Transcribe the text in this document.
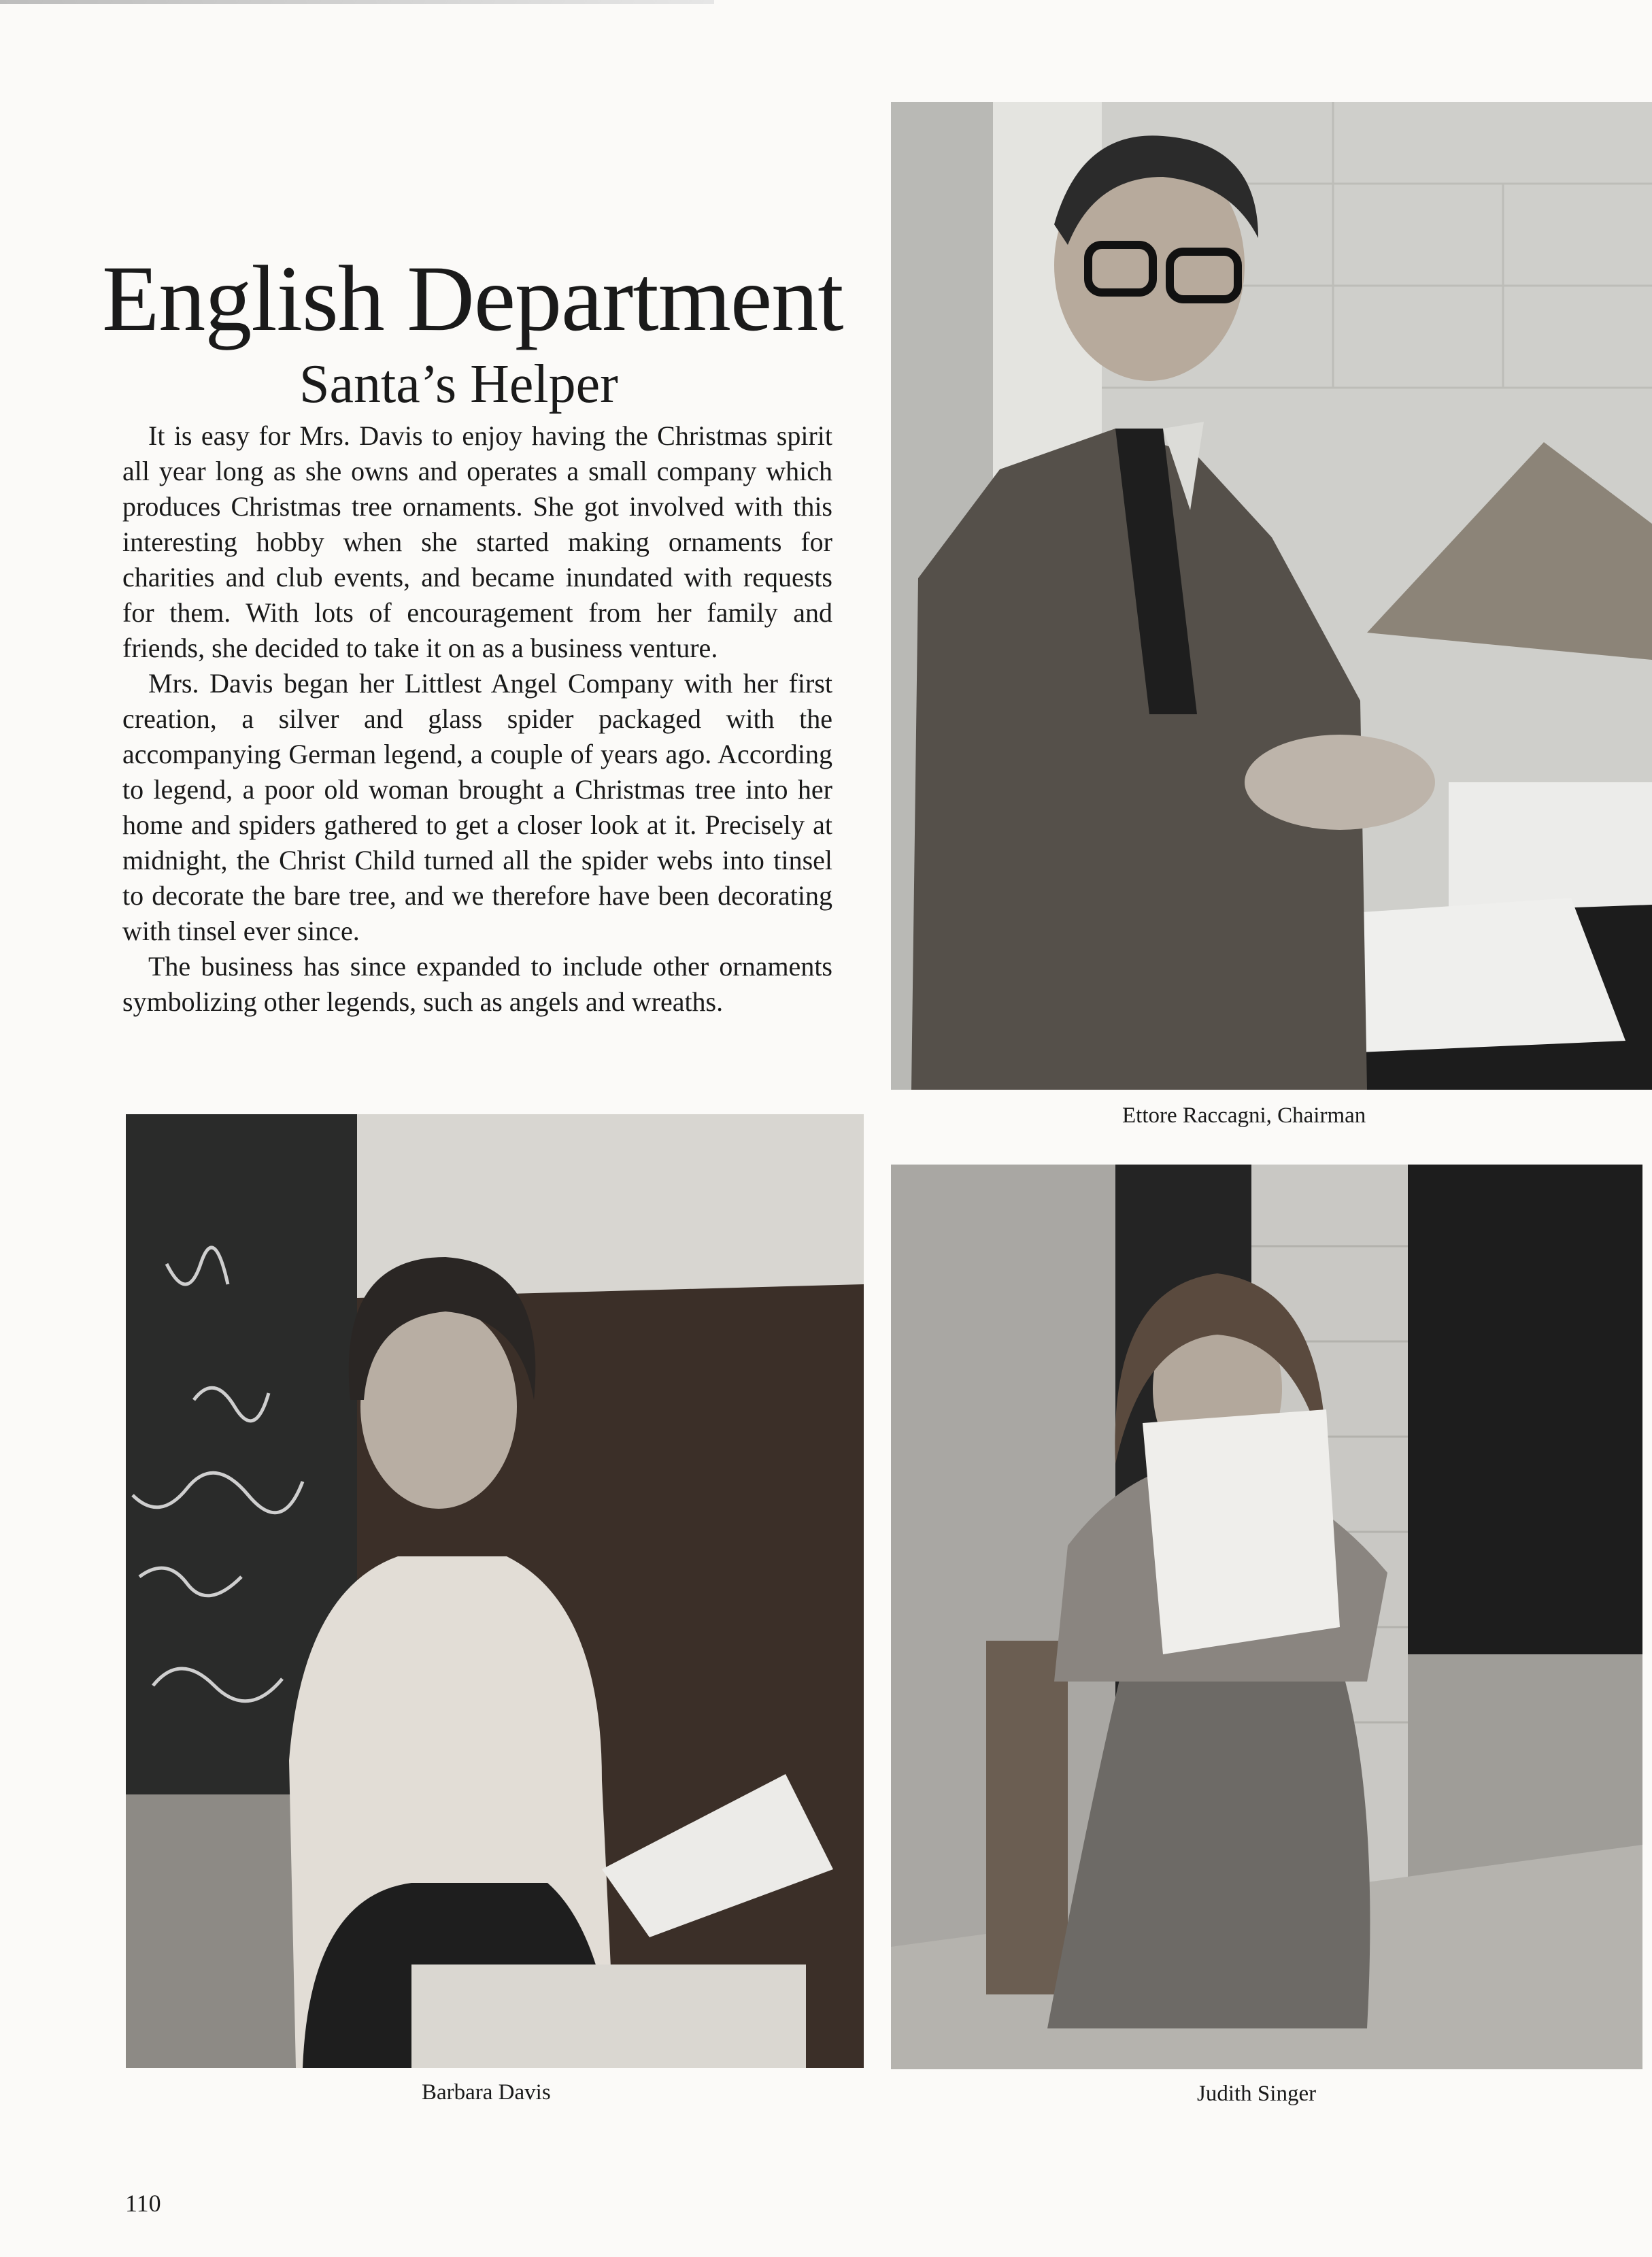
English Department
Santa’s Helper

It is easy for Mrs. Davis to enjoy having the Christmas spirit all year long as she owns and operates a small company which produces Christmas tree ornaments. She got involved with this interesting hobby when she started making ornaments for charities and club events, and became inundated with requests for them. With lots of encouragement from her family and friends, she decided to take it on as a business venture.

Mrs. Davis began her Littlest Angel Company with her first creation, a silver and glass spider packaged with the accompanying German legend, a couple of years ago. According to legend, a poor old woman brought a Christmas tree into her home and spiders gathered to get a closer look at it. Precisely at midnight, the Christ Child turned all the spider webs into tinsel to decorate the bare tree, and we therefore have been decorating with tinsel ever since.

The business has since expanded to include other ornaments symbolizing other legends, such as angels and wreaths.

Ettore Raccagni, Chairman
Barbara Davis	Judith Singer
110
